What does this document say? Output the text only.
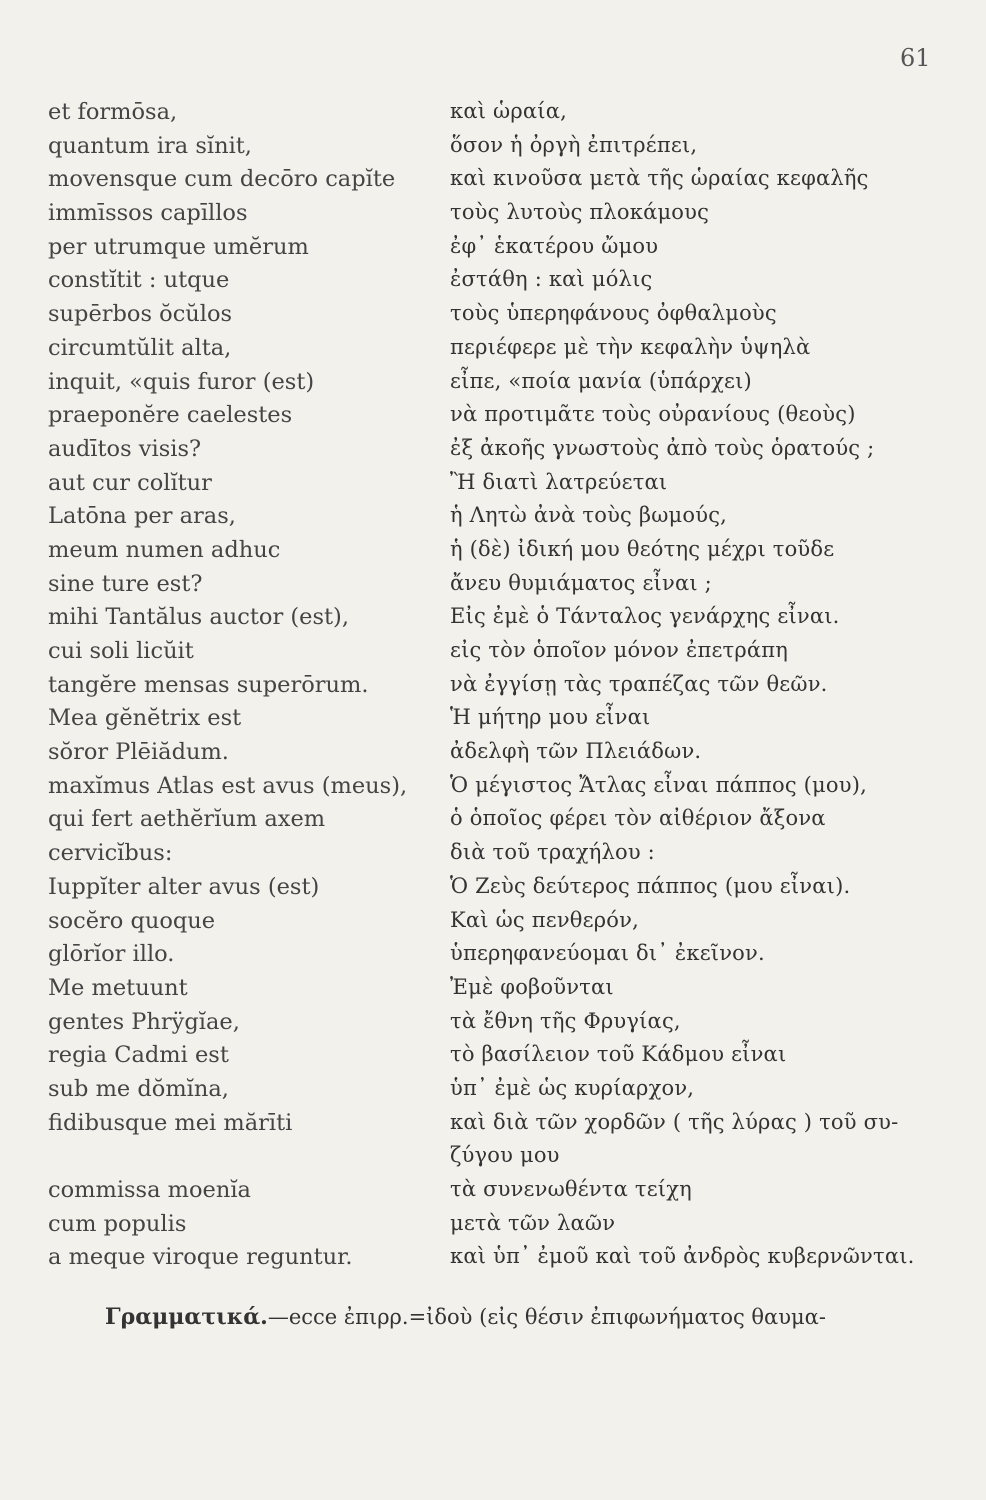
61
et formōsa,	καὶ ὡραία,
quantum ira sĭnit,	ὅσον ἡ ὀργὴ ἐπιτρέπει,
movensque cum decōro capĭte	καὶ κινοῦσα μετὰ τῆς ὡραίας κεφαλῆς
immīssos capīllos	τοὺς λυτοὺς πλοκάμους
per utrumque umĕrum	ἐφ᾿ ἑκατέρου ὤμου
constĭtit : utque	ἐστάθη : καὶ μόλις
supērbos ŏcŭlos	τοὺς ὑπερηφάνους ὀφθαλμοὺς
circumtŭlit alta,	περιέφερε μὲ τὴν κεφαλὴν ὑψηλὰ
inquit, «quis furor (est)	εἶπε, «ποία μανία (ὑπάρχει)
praeponĕre caelestes	νὰ προτιμᾶτε τοὺς οὐρανίους (θεοὺς)
audītos visis?	ἐξ ἀκοῆς γνωστοὺς ἀπὸ τοὺς ὁρατούς ;
aut cur colĭtur	Ἢ διατὶ λατρεύεται
Latōna per aras,	ἡ Λητὼ ἀνὰ τοὺς βωμούς,
meum numen adhuc	ἡ (δὲ) ἰδική μου θεότης μέχρι τοῦδε
sine ture est?	ἄνευ θυμιάματος εἶναι ;
mihi Tantălus auctor (est),	Εἰς ἐμὲ ὁ Τάνταλος γενάρχης εἶναι.
cui soli licŭit	εἰς τὸν ὁποῖον μόνον ἐπετράπη
tangĕre mensas superōrum.	νὰ ἐγγίσῃ τὰς τραπέζας τῶν θεῶν.
Mea gĕnĕtrix est	Ἡ μήτηρ μου εἶναι
sŏror Plēiădum.	ἀδελφὴ τῶν Πλειάδων.
maxĭmus Atlas est avus (meus), Ὁ μέγιστος Ἄτλας εἶναι πάππος (μου),
qui fert aethĕrĭum axem	ὁ ὁποῖος φέρει τὸν αἰθέριον ἄξονα
cervicĭbus:	διὰ τοῦ τραχήλου :
Iuppĭter alter avus (est)	Ὁ Ζεὺς δεύτερος πάππος (μου εἶναι).
socĕro quoque	Καὶ ὡς πενθερόν,
glōrĭor illo.	ὑπερηφανεύομαι δι᾿ ἐκεῖνον.
Me metuunt	Ἐμὲ φοβοῦνται
gentes Phrÿgĭae,	τὰ ἔθνη τῆς Φρυγίας,
regia Cadmi est	τὸ βασίλειον τοῦ Κάδμου εἶναι
sub me dŏmĭna,	ὑπ᾿ ἐμὲ ὡς κυρίαρχον,
fidibusque mei mărīti	καὶ διὰ τῶν χορδῶν ( τῆς λύρας ) τοῦ συ-
ζύγου μου
commissa moenĭa	τὰ συνενωθέντα τείχη
cum populis	μετὰ τῶν λαῶν
a meque viroque reguntur.	καὶ ὑπ᾿ ἐμοῦ καὶ τοῦ ἀνδρὸς κυβερνῶνται.
Γραμματικά.—ecce ἐπιρρ.=ἰδοὺ (εἰς θέσιν ἐπιφωνήματος θαυμα-
